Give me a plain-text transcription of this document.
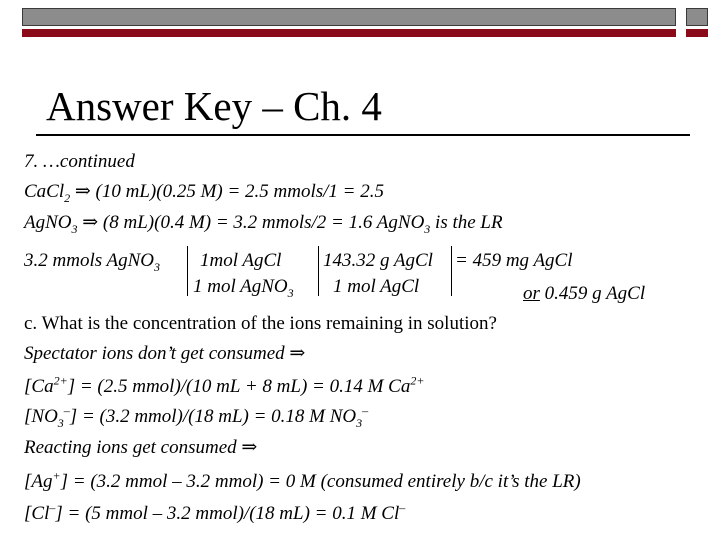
Answer Key – Ch. 4
7. …continued
CaCl$_2$ ⇒ (10 mL)(0.25 M) = 2.5 mmols/1 = 2.5
AgNO$_3$ ⇒ (8 mL)(0.4 M) = 3.2 mmols/2 = 1.6 AgNO$_3$ is the LR
3.2 mmols AgNO$_3$ 1mol AgCl
1 mol AgNO$_3$
143.32 g AgCl
1 mol AgCl
= 459 mg AgCl
or 0.459 g AgCl
c. What is the concentration of the ions remaining in solution?
Spectator ions don’t get consumed ⇒
$[Ca^{2+}] = (2.5$ mmol)/(10 mL + 8 mL) = 0.14 M $Ca^{2+}$
$[NO_3^-] = (3.2$ mmol)/(18 mL) = 0.18 M $NO_3^-$
Reacting ions get consumed ⇒
[Ag+] = (3.2 mmol – 3.2 mmol) = 0 M (consumed entirely b/c it’s the LR)
[Cl–] = (5 mmol – 3.2 mmol)/(18 mL) = 0.1 M Cl–
